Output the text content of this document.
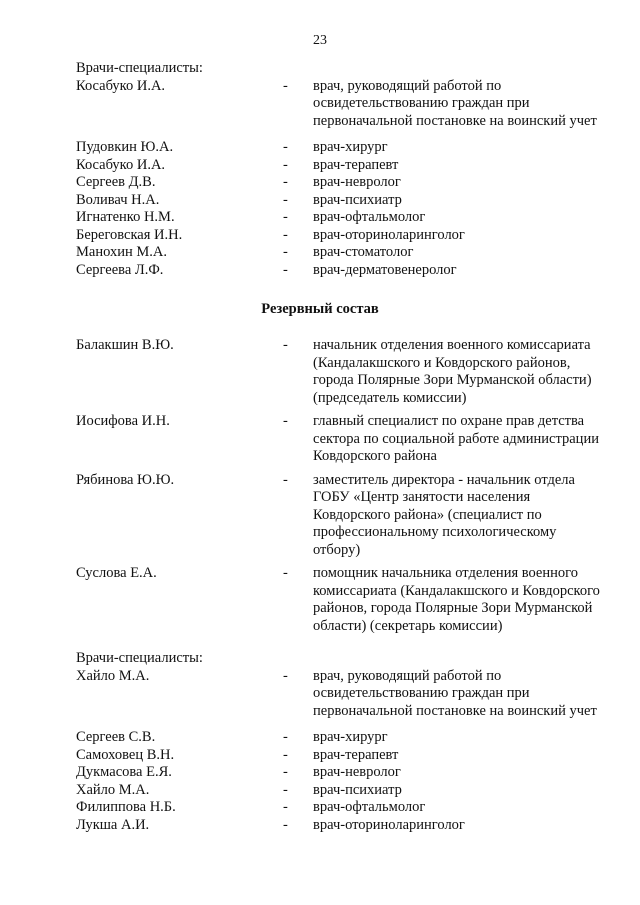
23
Врачи-специалисты:
Косабуко И.А.	- врач, руководящий работой по освидетельствованию граждан при первоначальной постановке на воинский учет
Пудовкин Ю.А.	- врач-хирург
Косабуко И.А.	- врач-терапевт
Сергеев Д.В.	- врач-невролог
Воливач Н.А.	- врач-психиатр
Игнатенко Н.М.	- врач-офтальмолог
Береговская И.Н.	- врач-оториноларинголог
Манохин М.А.	- врач-стоматолог
Сергеева Л.Ф.	- врач-дерматовенеролог
Резервный состав
Балакшин В.Ю.	- начальник отделения военного комиссариата (Кандалакшского и Ковдорского районов, города Полярные Зори Мурманской области) (председатель комиссии)
Иосифова И.Н.	- главный специалист по охране прав детства сектора по социальной работе администрации Ковдорского района
Рябинова Ю.Ю.	- заместитель директора - начальник отдела ГОБУ «Центр занятости населения Ковдорского района» (специалист по профессиональному психологическому отбору)
Суслова Е.А.	- помощник начальника отделения военного комиссариата (Кандалакшского и Ковдорского районов, города Полярные Зори Мурманской области) (секретарь комиссии)
Врачи-специалисты:
Хайло М.А.	- врач, руководящий работой по освидетельствованию граждан при первоначальной постановке на воинский учет
Сергеев С.В.	- врач-хирург
Самоховец В.Н.	- врач-терапевт
Дукмасова Е.Я.	- врач-невролог
Хайло М.А.	- врач-психиатр
Филиппова Н.Б.	- врач-офтальмолог
Лукша А.И.	- врач-оториноларинголог
